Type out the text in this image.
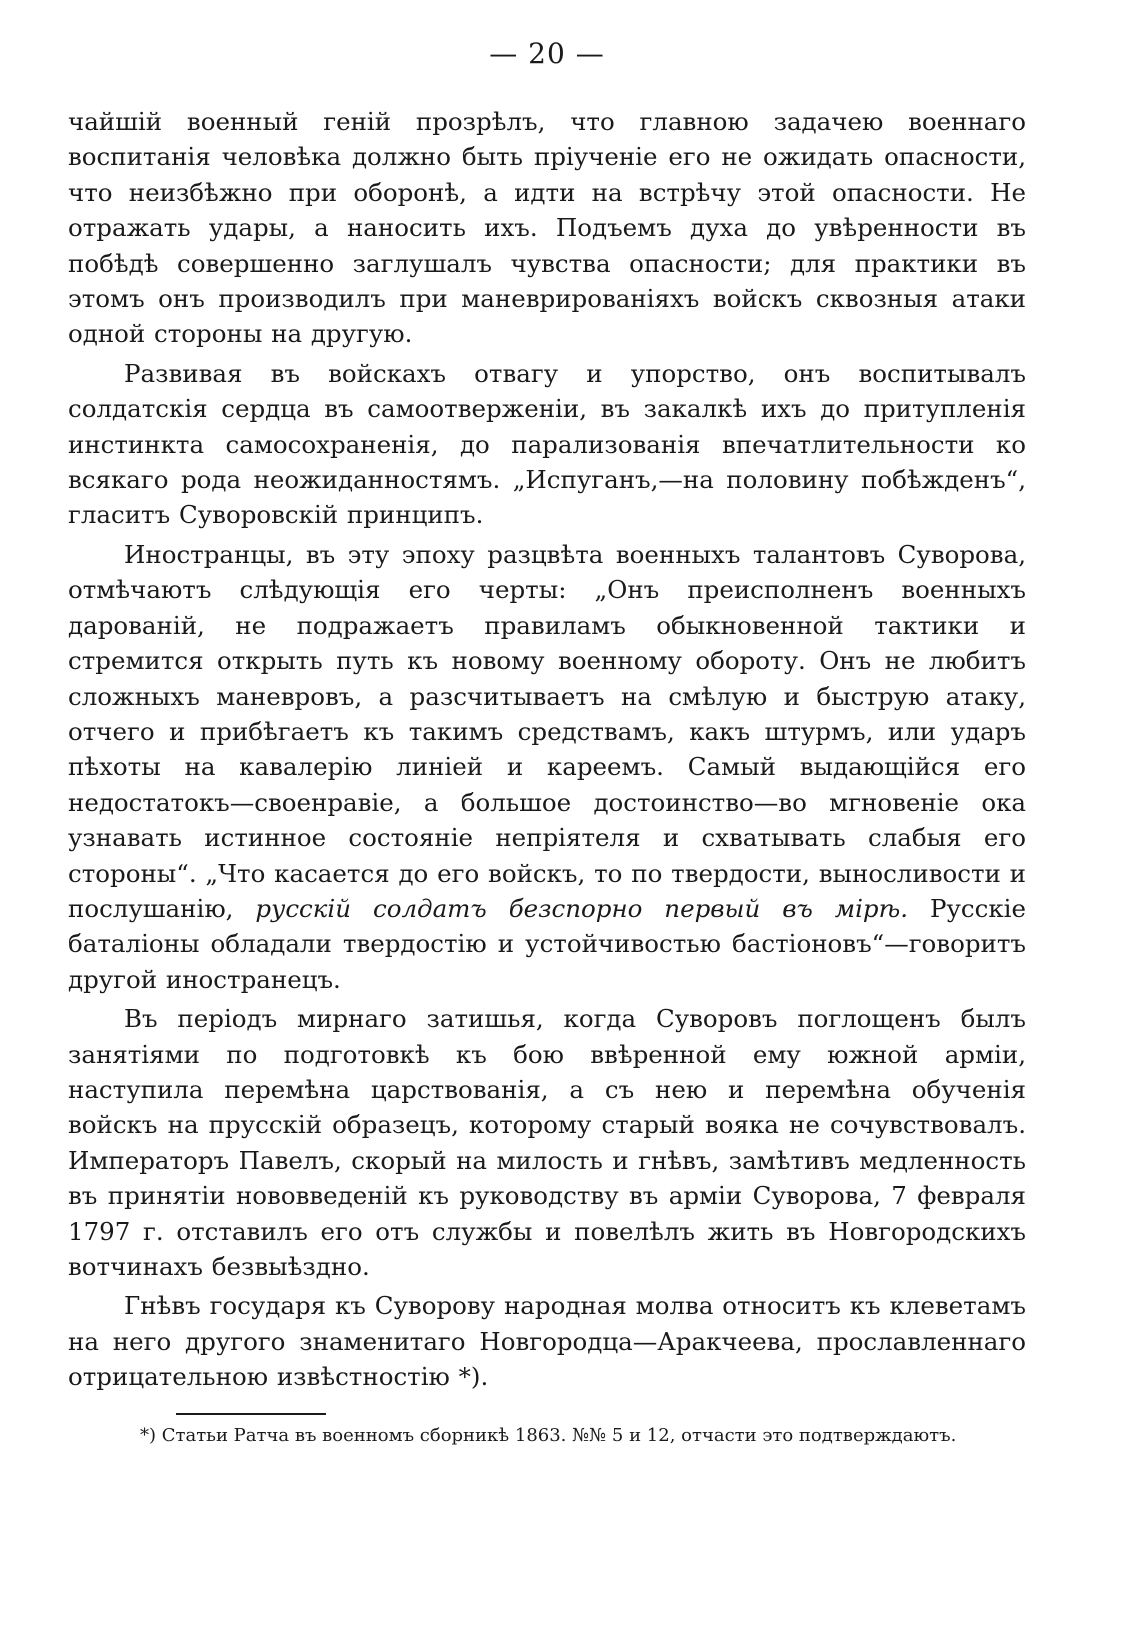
— 20 —

чайшій военный геній прозрѣлъ, что главною задачею военнаго воспитанія человѣка должно быть пріученіе его не ожидать опасности, что неизбѣжно при оборонѣ, а идти на встрѣчу этой опасности. Не отражать удары, а наносить ихъ. Подъемъ духа до увѣренности въ побѣдѣ совершенно заглушалъ чувства опасности; для практики въ этомъ онъ производилъ при маневрированіяхъ войскъ сквозныя атаки одной стороны на другую.

Развивая въ войскахъ отвагу и упорство, онъ воспитывалъ солдатскія сердца въ самоотверженіи, въ закалкѣ ихъ до притупленія инстинкта самосохраненія, до парализованія впечатлительности ко всякаго рода неожиданностямъ. „Испуганъ,—на половину побѣжденъ“, гласитъ Суворовскій принципъ.

Иностранцы, въ эту эпоху разцвѣта военныхъ талантовъ Суворова, отмѣчаютъ слѣдующія его черты: „Онъ преисполненъ военныхъ дарованій, не подражаетъ правиламъ обыкновенной тактики и стремится открыть путь къ новому военному обороту. Онъ не любитъ сложныхъ маневровъ, а разсчитываетъ на смѣлую и быструю атаку, отчего и прибѣгаетъ къ такимъ средствамъ, какъ штурмъ, или ударъ пѣхоты на кавалерію линіей и кареемъ. Самый выдающійся его недостатокъ—своенравіе, а большое достоинство—во мгновеніе ока узнавать истинное состояніе непріятеля и схватывать слабыя его стороны“. „Что касается до его войскъ, то по твердости, выносливости и послушанію, русскій солдатъ безспорно первый въ мірѣ. Русскіе баталіоны обладали твердостію и устойчивостью бастіоновъ“—говоритъ другой иностранецъ.

Въ періодъ мирнаго затишья, когда Суворовъ поглощенъ былъ занятіями по подготовкѣ къ бою ввѣренной ему южной арміи, наступила перемѣна царствованія, а съ нею и перемѣна обученія войскъ на прусскій образецъ, которому старый вояка не сочувствовалъ. Императоръ Павелъ, скорый на милость и гнѣвъ, замѣтивъ медленность въ принятіи нововведеній къ руководству въ арміи Суворова, 7 февраля 1797 г. отставилъ его отъ службы и повелѣлъ жить въ Новгородскихъ вотчинахъ безвыѣздно.

Гнѣвъ государя къ Суворову народная молва относитъ къ клеветамъ на него другого знаменитаго Новгородца—Аракчеева, прославленнаго отрицательною извѣстностію *).

*) Статьи Ратча въ военномъ сборникѣ 1863. №№ 5 и 12, отчасти это подтверждаютъ.
